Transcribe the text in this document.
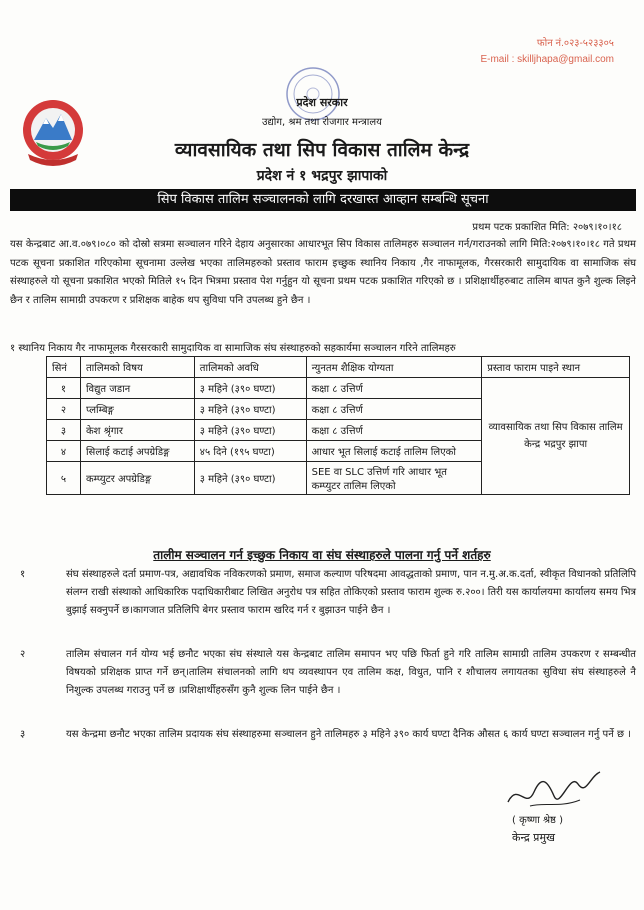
फोन नं.०२३-५२३३०५
E-mail : skilljhapa@gmail.com
प्रदेश सरकार
उद्योग, श्रम तथा रोजगार मन्त्रालय
व्यावसायिक तथा सिप विकास तालिम केन्द्र
प्रदेश नं १ भद्रपुर झापाको
सिप विकास तालिम सञ्चालनको लागि दरखास्त आव्हान सम्बन्धि सूचना
प्रथम पटक प्रकाशित मिति: २०७९।१०।१८
यस केन्द्रबाट आ.व.०७९।०८० को दोस्रो सत्रमा सञ्चालन गरिने देहाय अनुसारका आधारभूत सिप विकास तालिमहरु सञ्चालन गर्न/गराउनको लागि मिति:२०७९।१०।१८ गते प्रथम पटक सूचना प्रकाशित गरिएकोमा सूचनामा उल्लेख भएका तालिमहरुको प्रस्ताव फाराम इच्छुक स्थानिय निकाय ,गैर नाफामूलक, गैरसरकारी सामुदायिक वा सामाजिक संघ संस्थाहरुले यो सूचना प्रकाशित भएको मितिले १५ दिन भित्रमा प्रस्ताव पेश गर्नुहुन यो सूचना प्रथम पटक प्रकाशित गरिएको छ । प्रशिक्षार्थीहरुबाट तालिम बापत कुनै शुल्क लिइने छैन र तालिम सामाग्री उपकरण र प्रशिक्षक बाहेक थप सुविधा पनि उपलब्ध हुने छैन ।
१ स्थानिय निकाय गैर नाफामूलक गैरसरकारी सामुदायिक वा सामाजिक संघ संस्थाहरुको सहकार्यमा सञ्चालन गरिने तालिमहरु
सिनं	तालिमको विषय	तालिमको अवधि	न्युनतम शैक्षिक योग्यता	प्रस्ताव फाराम पाइने स्थान
१	विद्युत जडान	३ महिने (३९० घण्टा)	कक्षा ८ उत्तिर्ण	व्यावसायिक तथा सिप विकास तालिम केन्द्र भद्रपुर झापा
२	प्लम्बिङ्ग	३ महिने (३९० घण्टा)	कक्षा ८ उत्तिर्ण	
३	केश श्रृंगार	३ महिने (३९० घण्टा)	कक्षा ८ उत्तिर्ण	
४	सिलाई कटाई अपग्रेडिङ्ग	४५ दिने (१९५ घण्टा)	आधार भूत सिलाई कटाई तालिम लिएको	
५	कम्प्युटर अपग्रेडिङ्ग	३ महिने (३९० घण्टा)	SEE वा SLC उत्तिर्ण गरि आधार भूत कम्प्युटर तालिम लिएको	
तालीम सञ्चालन गर्न इच्छुक निकाय वा संघ संस्थाहरुले पालना गर्नु पर्ने शर्तहरु
१	संघ संस्थाहरुले दर्ता प्रमाण-पत्र, अद्यावधिक नविकरणको प्रमाण, समाज कल्याण परिषदमा आवद्धताको प्रमाण, पान न.मु.अ.क.दर्ता, स्वीकृत विधानको प्रतिलिपि संलग्न राखी संस्थाको आधिकारिक पदाधिकारीबाट लिखित अनुरोध पत्र सहित तोकिएको प्रस्ताव फाराम शुल्क रु.२००। तिरी यस कार्यालयमा कार्यालय समय भित्र बुझाई सक्नुपर्ने छ।कागजात प्रतिलिपि बेगर प्रस्ताव फाराम खरिद गर्न र बुझाउन पाईने छैन ।
२	तालिम संचालन गर्न योग्य भई छनौट भएका संघ संस्थाले यस केन्द्रबाट तालिम समापन भए पछि फिर्ता हुने गरि तालिम सामाग्री तालिम उपकरण र सम्बन्धीत विषयको प्रशिक्षक प्राप्त गर्ने छन्।तालिम संचालनको लागि थप व्यवस्थापन एव तालिम कक्ष, विधुत, पानि र शौचालय लगायतका सुविधा संघ संस्थाहरुले नै निशुल्क उपलब्ध गराउनु पर्ने छ ।प्रशिक्षार्थीहरुसँग कुनै शुल्क लिन पाईने छैन ।
३	यस केन्द्रमा छनौट भएका तालिम प्रदायक संघ संस्थाहरुमा सञ्चालन हुने तालिमहरु ३ महिने ३९० कार्य घण्टा दैनिक औसत ६ कार्य घण्टा सञ्चालन गर्नु पर्ने छ ।
( कृष्णा श्रेष्ठ )
केन्द्र प्रमुख
